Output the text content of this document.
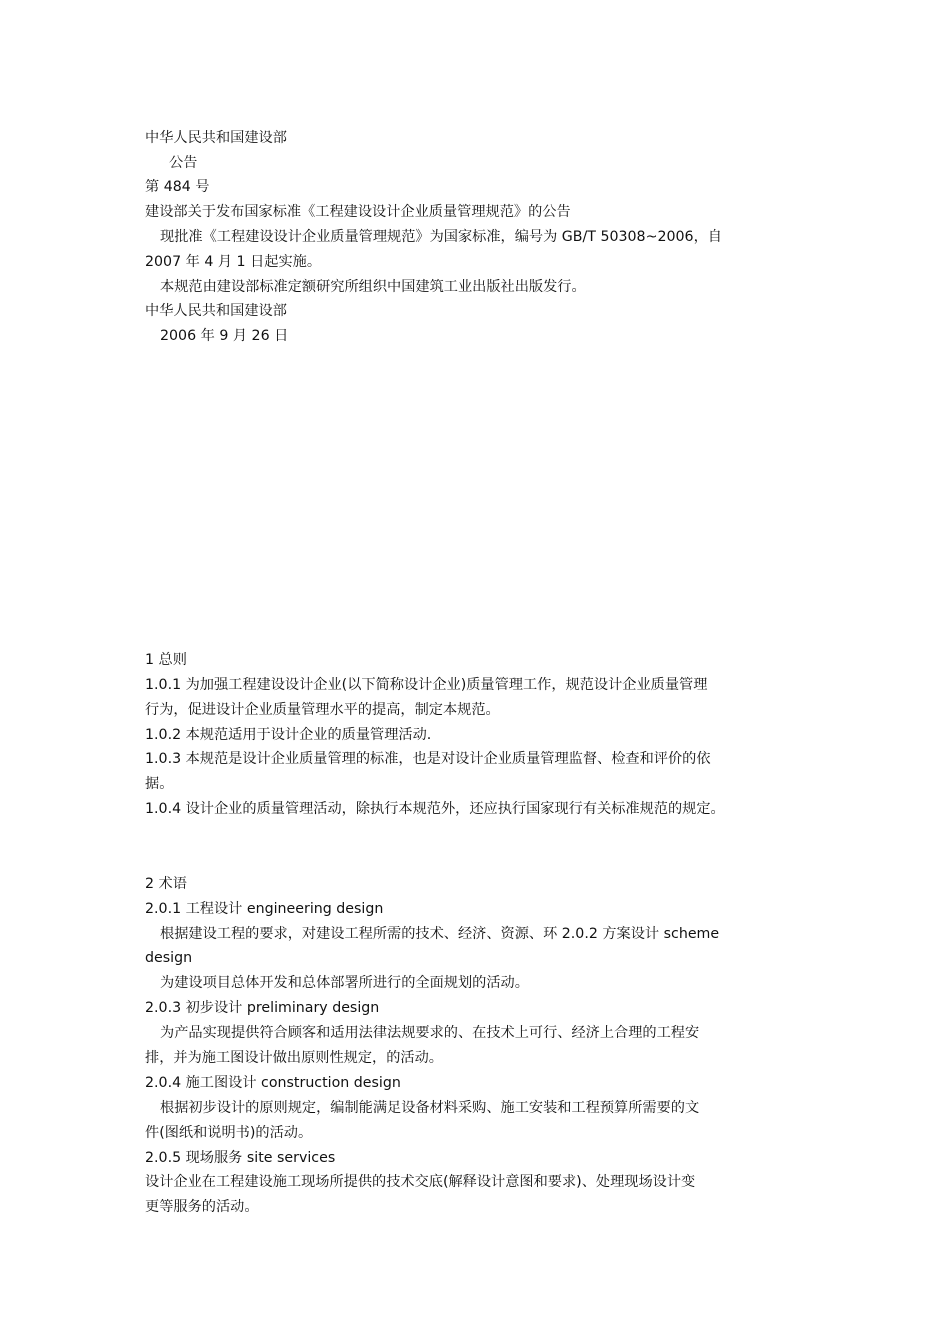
中华人民共和国建设部
公告
第 484 号
建设部关于发布国家标准《工程建设设计企业质量管理规范》的公告
现批准《工程建设设计企业质量管理规范》为国家标准，编号为 GB/T 50308~2006，自
2007 年 4 月 1 日起实施。
本规范由建设部标准定额研究所组织中国建筑工业出版社出版发行。
中华人民共和国建设部
2006 年 9 月 26 日
1 总则
1.0.1 为加强工程建设设计企业(以下简称设计企业)质量管理工作，规范设计企业质量管理
行为，促进设计企业质量管理水平的提高，制定本规范。
1.0.2 本规范适用于设计企业的质量管理活动.
1.0.3 本规范是设计企业质量管理的标准，也是对设计企业质量管理监督、检查和评价的依
据。
1.0.4 设计企业的质量管理活动，除执行本规范外，还应执行国家现行有关标准规范的规定。
2 术语
2.0.1 工程设计 engineering design
根据建设工程的要求，对建设工程所需的技术、经济、资源、环 2.0.2 方案设计 scheme
design
为建设项目总体开发和总体部署所进行的全面规划的活动。
2.0.3 初步设计 preliminary design
为产品实现提供符合顾客和适用法律法规要求的、在技术上可行、经济上合理的工程安
排，并为施工图设计做出原则性规定，的活动。
2.0.4 施工图设计 construction design
根据初步设计的原则规定，编制能满足设备材料采购、施工安装和工程预算所需要的文
件(图纸和说明书)的活动。
2.0.5 现场服务 site services
设计企业在工程建设施工现场所提供的技术交底(解释设计意图和要求)、处理现场设计变
更等服务的活动。
